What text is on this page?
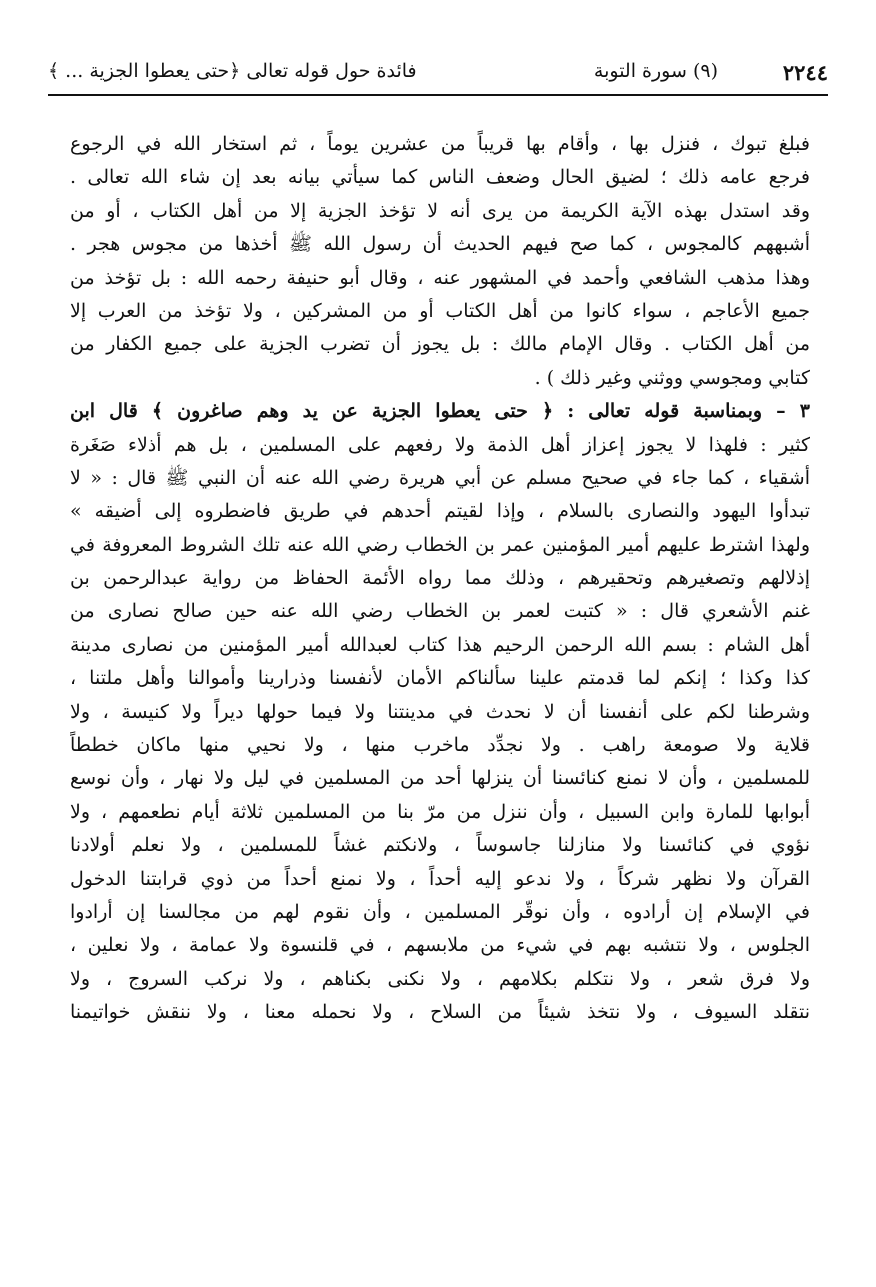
٢٢٤٤
(٩) سورة التوبة
فائدة حول قوله تعالى ﴿حتى يعطوا الجزية ... ﴾
فبلغ تبوك ، فنزل بها ، وأقام بها قريباً من عشرين يوماً ، ثم استخار الله في الرجوع
فرجع عامه ذلك ؛ لضيق الحال وضعف الناس كما سيأتي بيانه بعد إن شاء الله تعالى .
وقد استدل بهذه الآية الكريمة من يرى أنه لا تؤخذ الجزية إلا من أهل الكتاب ، أو من
أشبههم كالمجوس ، كما صح فيهم الحديث أن رسول الله ﷺ أخذها من مجوس هجر .
وهذا مذهب الشافعي وأحمد في المشهور عنه ، وقال أبو حنيفة رحمه الله : بل تؤخذ من
جميع الأعاجم ، سواء كانوا من أهل الكتاب أو من المشركين ، ولا تؤخذ من العرب إلا
من أهل الكتاب . وقال الإمام مالك : بل يجوز أن تضرب الجزية على جميع الكفار من
كتابي ومجوسي ووثني وغير ذلك ) .
٣ – وبمناسبة قوله تعالى : ﴿ حتى يعطوا الجزية عن يد وهم صاغرون ﴾ قال ابن
كثير : فلهذا لا يجوز إعزاز أهل الذمة ولا رفعهم على المسلمين ، بل هم أذلاء صَغَرة
أشقياء ، كما جاء في صحيح مسلم عن أبي هريرة رضي الله عنه أن النبي ﷺ قال : « لا
تبدأوا اليهود والنصارى بالسلام ، وإذا لقيتم أحدهم في طريق فاضطروه إلى أضيقه »
ولهذا اشترط عليهم أمير المؤمنين عمر بن الخطاب رضي الله عنه تلك الشروط المعروفة في
إذلالهم وتصغيرهم وتحقيرهم ، وذلك مما رواه الأئمة الحفاظ من رواية عبدالرحمن بن
غنم الأشعري قال : « كتبت لعمر بن الخطاب رضي الله عنه حين صالح نصارى من
أهل الشام : بسم الله الرحمن الرحيم هذا كتاب لعبدالله أمير المؤمنين من نصارى مدينة
كذا وكذا ؛ إنكم لما قدمتم علينا سألناكم الأمان لأنفسنا وذرارينا وأموالنا وأهل ملتنا ،
وشرطنا لكم على أنفسنا أن لا نحدث في مدينتنا ولا فيما حولها ديراً ولا كنيسة ، ولا
قلاية ولا صومعة راهب . ولا نجدِّد ماخرب منها ، ولا نحيي منها ماكان خططاً
للمسلمين ، وأن لا نمنع كنائسنا أن ينزلها أحد من المسلمين في ليل ولا نهار ، وأن نوسع
أبوابها للمارة وابن السبيل ، وأن ننزل من مرّ بنا من المسلمين ثلاثة أيام نطعمهم ، ولا
نؤوي في كنائسنا ولا منازلنا جاسوساً ، ولانكتم غشاً للمسلمين ، ولا نعلم أولادنا
القرآن ولا نظهر شركاً ، ولا ندعو إليه أحداً ، ولا نمنع أحداً من ذوي قرابتنا الدخول
في الإسلام إن أرادوه ، وأن نوقّر المسلمين ، وأن نقوم لهم من مجالسنا إن أرادوا
الجلوس ، ولا نتشبه بهم في شيء من ملابسهم ، في قلنسوة ولا عمامة ، ولا نعلين ،
ولا فرق شعر ، ولا نتكلم بكلامهم ، ولا نكنى بكناهم ، ولا نركب السروج ، ولا
نتقلد السيوف ، ولا نتخذ شيئاً من السلاح ، ولا نحمله معنا ، ولا ننقش خواتيمنا
